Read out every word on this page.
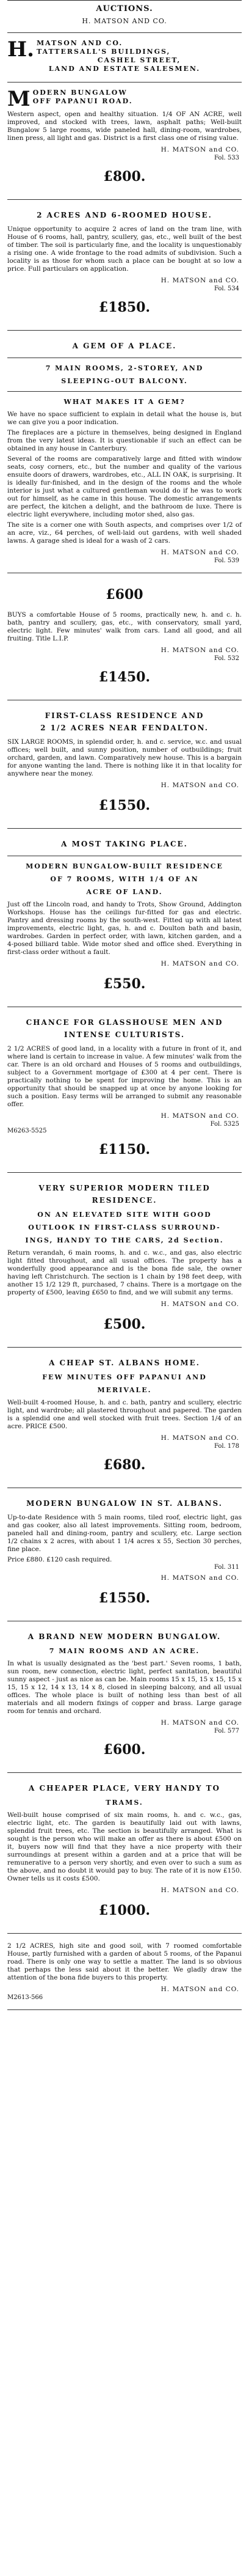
AUCTIONS.
H. MATSON AND CO.
H. MATSON AND CO.
TATTERSALL'S BUILDINGS,
CASHEL STREET,
LAND AND ESTATE SALESMEN.
M ODERN BUNGALOW
OFF PAPANUI ROAD.
Western aspect, open and healthy situation. 1/4 OF AN ACRE, well improved, and stocked with trees, lawn, asphalt paths; Well-built Bungalow 5 large rooms, wide paneled hall, dining-room, wardrobes, linen press, all light and gas. District is a first class one of rising value.
H. MATSON and CO.
Fol. 533
£800.
2 ACRES AND 6-ROOMED HOUSE.
Unique opportunity to acquire 2 acres of land on the tram line, with House of 6 rooms, hall, pantry, scullery, gas, etc., well built of the best of timber. The soil is particularly fine, and the locality is unquestionably a rising one. A wide frontage to the road admits of subdivision. Such a locality is as those for whom such a place can be bought at so low a price. Full particulars on application.
H. MATSON and CO.
Fol. 534
£1850.
A GEM OF A PLACE.
7 MAIN ROOMS, 2-STOREY, AND
SLEEPING-OUT BALCONY.
WHAT MAKES IT A GEM?
We have no space sufficient to explain in detail what the house is, but we can give you a poor indication.
The fireplaces are a picture in themselves, being designed in England from the very latest ideas. It is questionable if such an effect can be obtained in any house in Canterbury.
Several of the rooms are comparatively large and fitted with window seats, cosy corners, etc., but the number and quality of the various ensuite doors of drawers, wardrobes, etc., ALL IN OAK, is surprising. It is ideally fur-finished, and in the design of the rooms and the whole interior is just what a cultured gentleman would do if he was to work out for himself, as he came in this house. The domestic arrangements are perfect, the kitchen a delight, and the bathroom de luxe. There is electric light everywhere, including motor shed, also gas.
The site is a corner one with South aspects, and comprises over 1/2 of an acre, viz., 64 perches, of well-laid out gardens, with well shaded lawns. A garage shed is ideal for a wash of 2 cars.
H. MATSON and CO.
Fol. 539
£600
BUYS a comfortable House of 5 rooms, practically new, h. and c. h. bath, pantry and scullery, gas, etc., with conservatory, small yard, electric light. Few minutes' walk from cars. Land all good, and all fruiting. Title L.I.P.
H. MATSON and CO.
Fol. 532
£1450.
FIRST-CLASS RESIDENCE AND
2 1/2 ACRES NEAR FENDALTON.
SIX LARGE ROOMS, in splendid order, h. and c. service, w.c. and usual offices; well built, and sunny position, number of outbuildings; fruit orchard, garden, and lawn. Comparatively new house. This is a bargain for anyone wanting the land. There is nothing like it in that locality for anywhere near the money.
H. MATSON and CO.
£1550.
A MOST TAKING PLACE.
MODERN BUNGALOW-BUILT RESIDENCE
OF 7 ROOMS, WITH 1/4 OF AN
ACRE OF LAND.
Just off the Lincoln road, and handy to Trots, Show Ground, Addington Workshops. House has the ceilings fur-fitted for gas and electric. Pantry and dressing rooms by the south-west. Fitted up with all latest improvements, electric light, gas, h. and c. Doulton bath and basin, wardrobes. Garden in perfect order, with lawn, kitchen garden, and a 4-posed billiard table. Wide motor shed and office shed. Everything in first-class order without a fault.
H. MATSON and CO.
£550.
CHANCE FOR GLASSHOUSE MEN AND
INTENSE CULTURISTS.
2 1/2 ACRES of good land, in a locality with a future in front of it, and where land is certain to increase in value. A few minutes' walk from the car. There is an old orchard and Houses of 5 rooms and outbuildings, subject to a Government mortgage of £300 at 4 per cent. There is practically nothing to be spent for improving the home. This is an opportunity that should be snapped up at once by anyone looking for such a position. Easy terms will be arranged to submit any reasonable offer.
H. MATSON and CO.
Fol. 5325
M6263-5525
£1150.
VERY SUPERIOR MODERN TILED
RESIDENCE.
ON AN ELEVATED SITE WITH GOOD
OUTLOOK IN FIRST-CLASS SURROUND-
INGS, HANDY TO THE CARS, 2d Section.
Return verandah, 6 main rooms, h. and c. w.c., and gas, also electric light fitted throughout, and all usual offices. The property has a wonderfully good appearance and is the bona fide sale, the owner having left Christchurch. The section is 1 chain by 198 feet deep, with another 15 1/2 129 ft, purchased, 7 chains. There is a mortgage on the property of £500, leaving £650 to find, and we will submit any terms.
H. MATSON and CO.
£500.
A CHEAP ST. ALBANS HOME.
FEW MINUTES OFF PAPANUI AND
MERIVALE.
Well-built 4-roomed House, h. and c. bath, pantry and scullery, electric light, and wardrobe; all plastered throughout and papered. The garden is a splendid one and well stocked with fruit trees. Section 1/4 of an acre. PRICE £500.
H. MATSON and CO.
Fol. 178
£680.
MODERN BUNGALOW IN ST. ALBANS.
Up-to-date Residence with 5 main rooms, tiled roof, electric light, gas and gas cooker, also all latest improvements. Sitting room, bedroom, paneled hall and dining-room, pantry and scullery, etc. Large section 1/2 chains x 2 acres, with about 1 1/4 acres x 55, Section 30 perches, fine place.
Price £880. £120 cash required.
Fol. 311
H. MATSON and CO.
£1550.
A BRAND NEW MODERN BUNGALOW.
7 MAIN ROOMS AND AN ACRE.
In what is usually designated as the 'best part.' Seven rooms, 1 bath, sun room, new connection, electric light, perfect sanitation, beautiful sunny aspect - just as nice as can be. Main rooms 15 x 15, 15 x 15, 15 x 15, 15 x 12, 14 x 13, 14 x 8, closed in sleeping balcony, and all usual offices. The whole place is built of nothing less than best of all materials and all modern fixings of copper and brass. Large garage room for tennis and orchard.
H. MATSON and CO.
Fol. 577
£600.
A CHEAPER PLACE, VERY HANDY TO
TRAMS.
Well-built house comprised of six main rooms, h. and c. w.c., gas, electric light, etc. The garden is beautifully laid out with lawns, splendid fruit trees, etc. The section is beautifully arranged. What is sought is the person who will make an offer as there is about £500 on it, buyers now will find that they have a nice property with their surroundings at present within a garden and at a price that will be remunerative to a person very shortly, and even over to such a sum as the above, and no doubt it would pay to buy. The rate of it is now £150. Owner tells us it costs £500.
H. MATSON and CO.
£1000.
2 1/2 ACRES, high site and good soil, with 7 roomed comfortable House, partly furnished with a garden of about 5 rooms, of the Papanui road. There is only one way to settle a matter. The land is so obvious that perhaps the less said about it the better. We gladly draw the attention of the bona fide buyers to this property.
H. MATSON and CO.
M2613-566
